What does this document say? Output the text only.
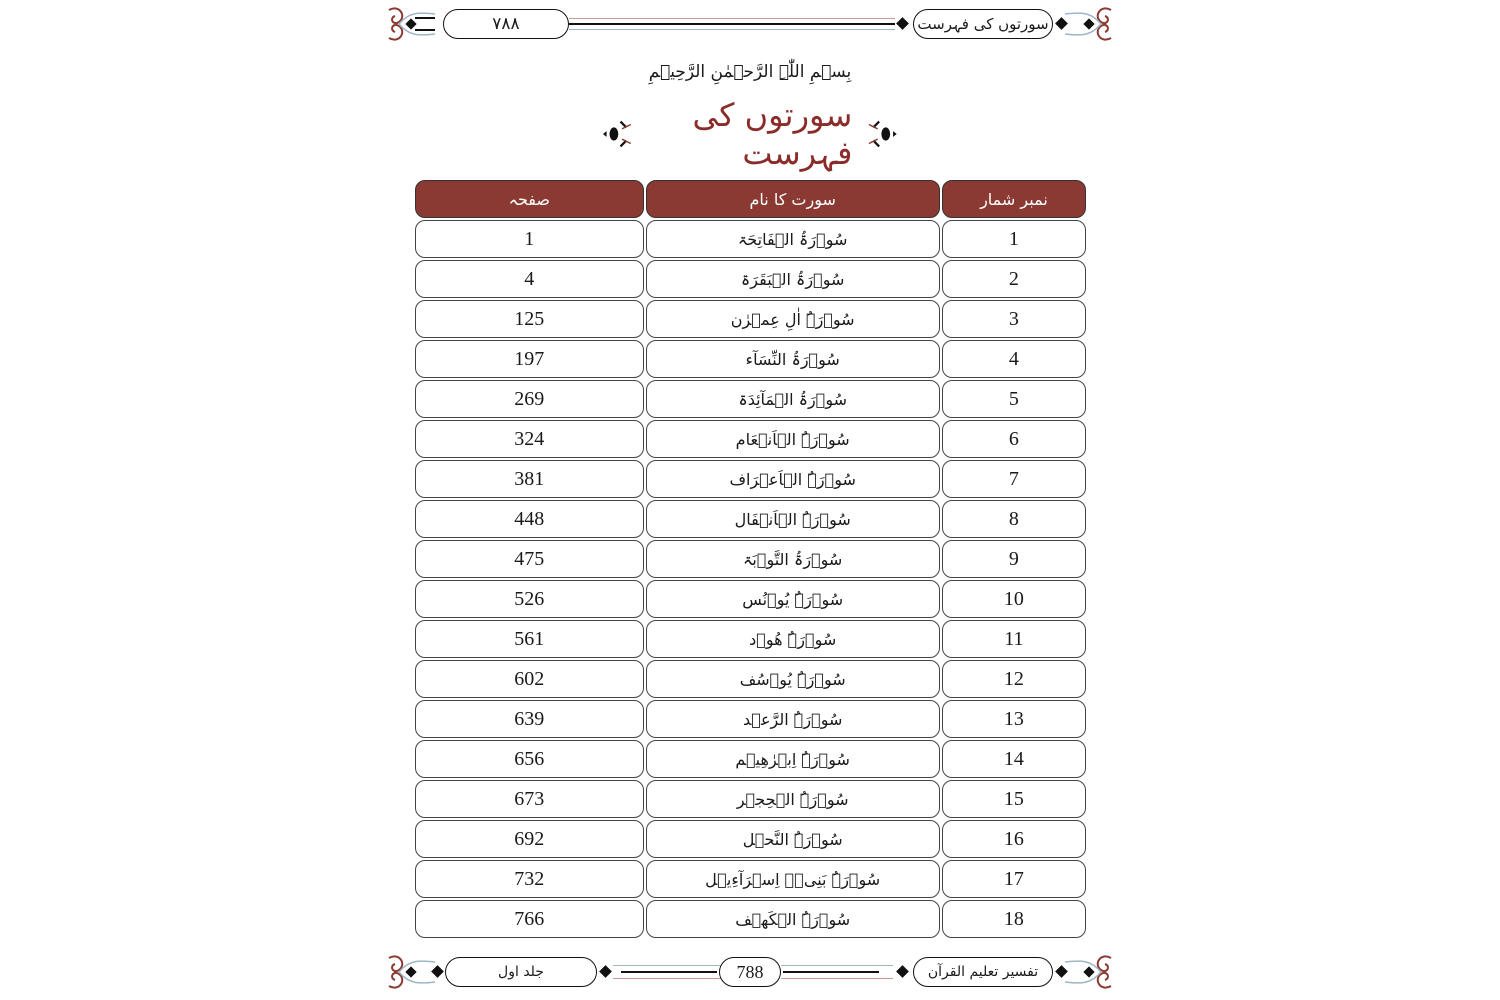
۷۸۸	سورتوں کی فہرست
بِسۡمِ اللّٰہِ الرَّحۡمٰنِ الرَّحِیۡمِ
سورتوں کی فہرست
صفحہ	سورت کا نام	نمبر شمار
1	سُوۡرَۃُ الۡفَاتِحَۃ	1
4	سُوۡرَۃُ الۡبَقَرَۃ	2
125	سُوۡرَۃُ اٰلِ عِمۡرٰن	3
197	سُوۡرَۃُ النِّسَآء	4
269	سُوۡرَۃُ الۡمَآئِدَۃ	5
324	سُوۡرَۃُ الۡاَنۡعَام	6
381	سُوۡرَۃُ الۡاَعۡرَاف	7
448	سُوۡرَۃُ الۡاَنۡفَال	8
475	سُوۡرَۃُ التَّوۡبَۃ	9
526	سُوۡرَۃُ یُوۡنُس	10
561	سُوۡرَۃُ ھُوۡد	11
602	سُوۡرَۃُ یُوۡسُف	12
639	سُوۡرَۃُ الرَّعۡد	13
656	سُوۡرَۃُ اِبۡرٰھِیۡم	14
673	سُوۡرَۃُ الۡحِجۡر	15
692	سُوۡرَۃُ النَّحۡل	16
732	سُوۡرَۃُ بَنِیۡۤ اِسۡرَآءِیۡل	17
766	سُوۡرَۃُ الۡکَهۡف	18
جلد اول	788	تفسیر تعلیم القرآن
